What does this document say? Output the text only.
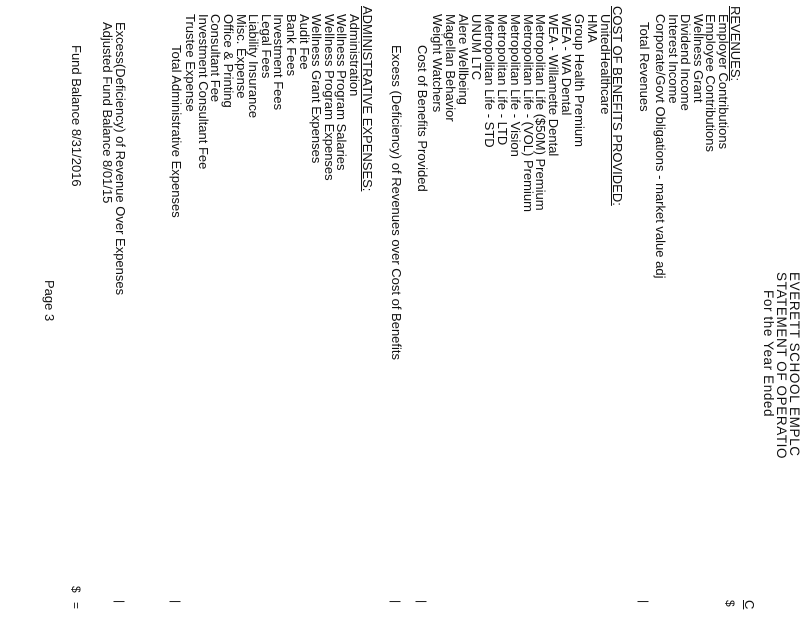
EVERETT SCHOOL EMPLC
STATEMENT OF OPERATIO
For the Year Ended
C
REVENUES:
Employer Contributions
Employee Contributions
Wellness Grant
Dividend Income
Interest Income
Corporate/Govt Obligations - market value adj
Total Revenues
|	$
COST OF BENEFITS PROVIDED:
UnitedHealthcare
HMA
Group Health Premium
WEA - WA Dental
WEA - Willamette Dental
Metropolitan Life ($50M) Premium
Metropolitan Life - (VOL) Premium
Metropolitan Life - Vision
Metropolitan Life - LTD
Metropolitan Life - STD
UNUM LTC
Alere Wellbeing
Magellan Behavior
Weight Watchers
Cost of Benefits Provided
|
Excess (Deficiency) of Revenues over Cost of Benefits
|
ADMINISTRATIVE EXPENSES:
Administration
Wellness Program Salaries
Wellness Program Expenses
Wellness Grant Expenses
Audit Fee
Bank Fees
Investment Fees
Legal Fees
Liability Insurance
Misc. Expense
Office & Printing
Consultant Fee
Investment Consultant Fee
Trustee Expense
Total Administrative Expenses
|
Excess(Deficiency) of Revenue Over Expenses
|
Adjusted Fund Balance 8/01/15
Fund Balance 8/31/2016
$
=
Page 3
